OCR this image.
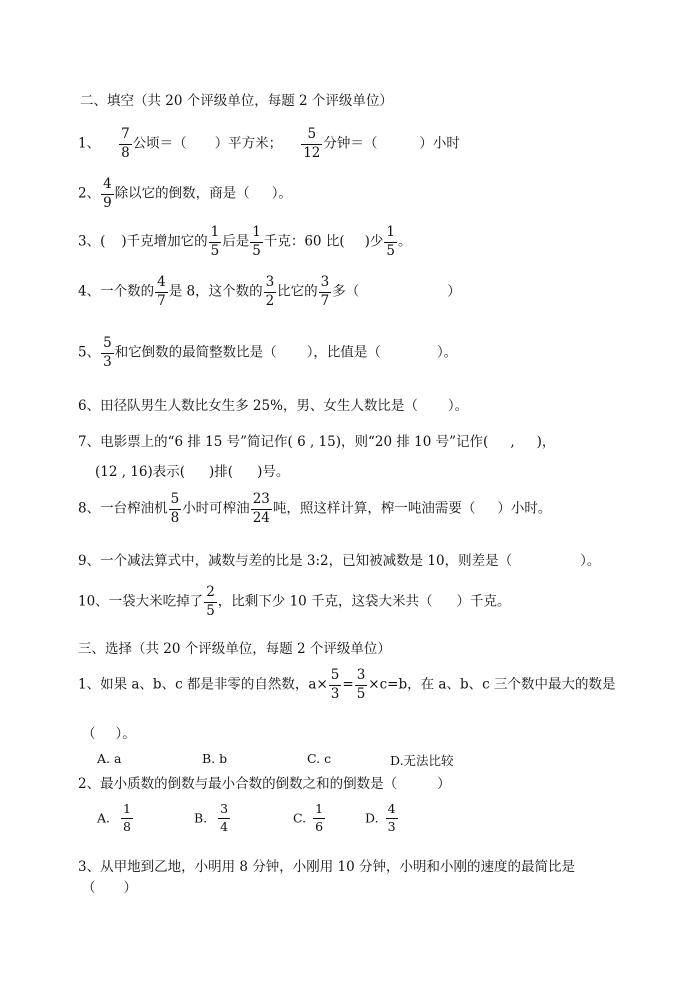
二、填空（共 20 个评级单位，每题 2 个评级单位）
1、 $\frac{7}{8}$ 公顷＝（ ）平方米； $\frac{5}{12}$ 分钟＝（	）小时
2、 $\frac{4}{9}$ 除以它的倒数，商是（ ）。
3、( )千克增加它的 $\frac{1}{5}$ 后是 $\frac{1}{5}$ 千克：60 比( )少 $\frac{1}{5}$ 。
4、一个数的 $\frac{4}{7}$ 是 8，这个数的 $\frac{3}{2}$ 比它的 $\frac{3}{7}$ 多（	）
5、 $\frac{5}{3}$ 和它倒数的最简整数比是（ ），比值是（	）。
6、田径队男生人数比女生多 25%，男、女生人数比是（ ）。
7、电影票上的“6 排 15 号”简记作( 6 , 15)，则“20 排 10 号”记作( , )，
(12 , 16)表示( )排( )号。
8、一台榨油机 $\frac{5}{8}$ 小时可榨油 $\frac{23}{24}$ 吨，照这样计算，榨一吨油需要（ ）小时。
9、一个减法算式中，减数与差的比是 3:2，已知被减数是 10，则差是（	）。
10、一袋大米吃掉了 $\frac{2}{5}$ ，比剩下少 10 千克，这袋大米共（ ）千克。
三、选择（共 20 个评级单位，每题 2 个评级单位）
1、如果 a、b、c 都是非零的自然数，$a\times \frac{5}{3} = \frac{3}{5} \times c=b$，在 a、b、c 三个数中最大的数是
（ ）。
A. a	B. b	C. c	D.无法比较
2、最小质数的倒数与最小合数的倒数之和的倒数是（	）
A. $\frac{1}{8}$	B. $\frac{3}{4}$	C. $\frac{1}{6}$	D. $\frac{4}{3}$
3、从甲地到乙地，小明用 8 分钟，小刚用 10 分钟，小明和小刚的速度的最简比是
（ ）
